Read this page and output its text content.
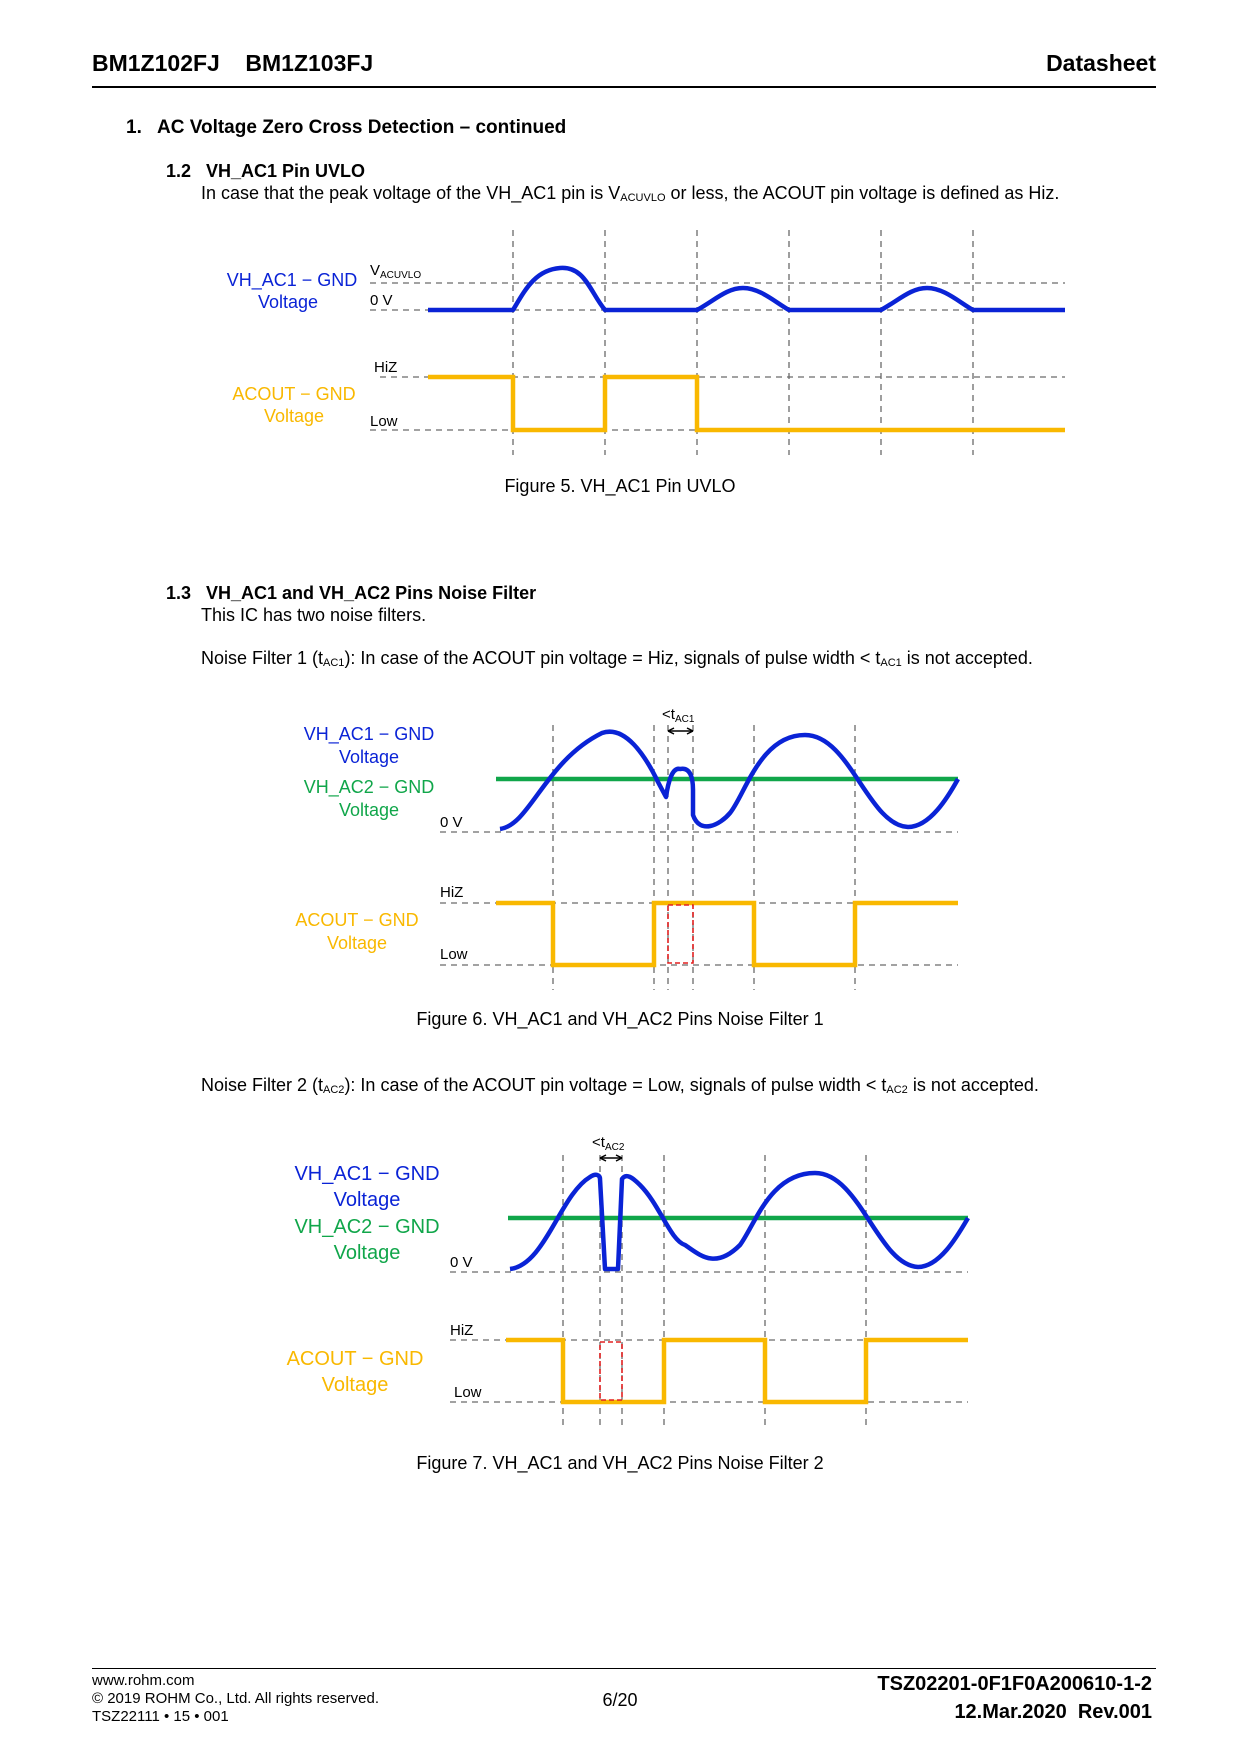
BM1Z102FJ    BM1Z103FJ	Datasheet
1.   AC Voltage Zero Cross Detection – continued
1.2   VH_AC1 Pin UVLO
In case that the peak voltage of the VH_AC1 pin is $V_{ACUVLO}$ or less, the ACOUT pin voltage is defined as Hiz.
VH_AC1 − GND
Voltage
ACOUT − GND
Voltage
$V_{ACUVLO}$
0 V
HiZ
Low
Figure 5. VH_AC1 Pin UVLO
1.3   VH_AC1 and VH_AC2 Pins Noise Filter
This IC has two noise filters.
Noise Filter 1 $(t_{AC1})$: In case of the ACOUT pin voltage = Hiz, signals of pulse width < $t_{AC1}$ is not accepted.
$<t_{AC1}$
VH_AC1 − GND
Voltage
VH_AC2 − GND
Voltage
ACOUT − GND
Voltage
0 V
HiZ
Low
Figure 6. VH_AC1 and VH_AC2 Pins Noise Filter 1
Noise Filter 2 $(t_{AC2})$: In case of the ACOUT pin voltage = Low, signals of pulse width < $t_{AC2}$ is not accepted.
$<t_{AC2}$
VH_AC1 − GND
Voltage
VH_AC2 − GND
Voltage
ACOUT − GND
Voltage
0 V
HiZ
Low
Figure 7. VH_AC1 and VH_AC2 Pins Noise Filter 2
www.rohm.com
© 2019 ROHM Co., Ltd. All rights reserved.
TSZ22111 • 15 • 001
6/20
TSZ02201-0F1F0A200610-1-2
12.Mar.2020  Rev.001
